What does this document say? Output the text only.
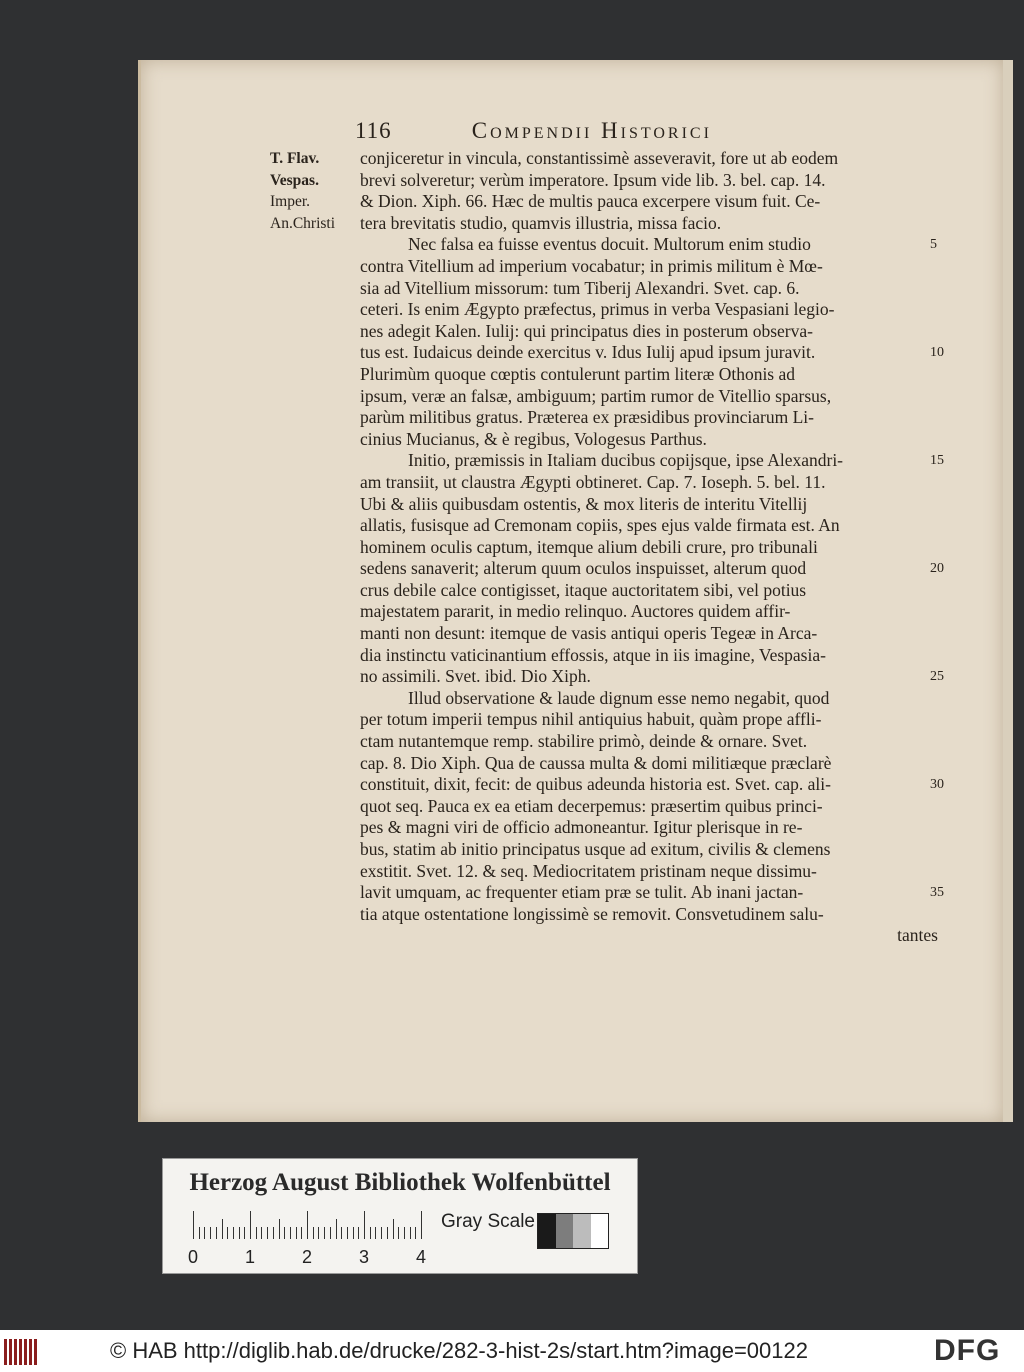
116	Compendii Historici
T. Flav.
Vespas.
Imper.
An.Christi
conjiceretur in vincula, constantissimè asseveravit, fore ut ab eodem
brevi solveretur; verùm imperatore. Ipsum vide lib. 3. bel. cap. 14.
& Dion. Xiph. 66. Hæc de multis pauca excerpere visum fuit. Ce-
tera brevitatis studio, quamvis illustria, missa facio.
Nec falsa ea fuisse eventus docuit. Multorum enim studio
contra Vitellium ad imperium vocabatur; in primis militum è Mœ-
sia ad Vitellium missorum: tum Tiberij Alexandri. Svet. cap. 6.
ceteri. Is enim Ægypto præfectus, primus in verba Vespasiani legio-
nes adegit Kalen. Iulij: qui principatus dies in posterum observa-
tus est. Iudaicus deinde exercitus v. Idus Iulij apud ipsum juravit.
Plurimùm quoque cœptis contulerunt partim literæ Othonis ad
ipsum, veræ an falsæ, ambiguum; partim rumor de Vitellio sparsus,
parùm militibus gratus. Præterea ex præsidibus provinciarum Li-
cinius Mucianus, & è regibus, Vologesus Parthus.
Initio, præmissis in Italiam ducibus copijsque, ipse Alexandri-
am transiit, ut claustra Ægypti obtineret. Cap. 7. Ioseph. 5. bel. 11.
Ubi & aliis quibusdam ostentis, & mox literis de interitu Vitellij
allatis, fusisque ad Cremonam copiis, spes ejus valde firmata est. An
hominem oculis captum, itemque alium debili crure, pro tribunali
sedens sanaverit; alterum quum oculos inspuisset, alterum quod
crus debile calce contigisset, itaque auctoritatem sibi, vel potius
majestatem pararit, in medio relinquo. Auctores quidem affir-
manti non desunt: itemque de vasis antiqui operis Tegeæ in Arca-
dia instinctu vaticinantium effossis, atque in iis imagine, Vespasia-
no assimili. Svet. ibid. Dio Xiph.
Illud observatione & laude dignum esse nemo negabit, quod
per totum imperii tempus nihil antiquius habuit, quàm prope affli-
ctam nutantemque remp. stabilire primò, deinde & ornare. Svet.
cap. 8. Dio Xiph. Qua de caussa multa & domi militiæque præclarè
constituit, dixit, fecit: de quibus adeunda historia est. Svet. cap. ali-
quot seq. Pauca ex ea etiam decerpemus: præsertim quibus princi-
pes & magni viri de officio admoneantur. Igitur plerisque in re-
bus, statim ab initio principatus usque ad exitum, civilis & clemens
exstitit. Svet. 12. & seq. Mediocritatem pristinam neque dissimu-
lavit umquam, ac frequenter etiam præ se tulit. Ab inani jactan-
tia atque ostentatione longissimè se removit. Consvetudinem salu-
tantes
5
10
15
20
25
30
35
Herzog August Bibliothek Wolfenbüttel
0	1	2	3	4
Gray Scale
© HAB http://diglib.hab.de/drucke/282-3-hist-2s/start.htm?image=00122	DFG
